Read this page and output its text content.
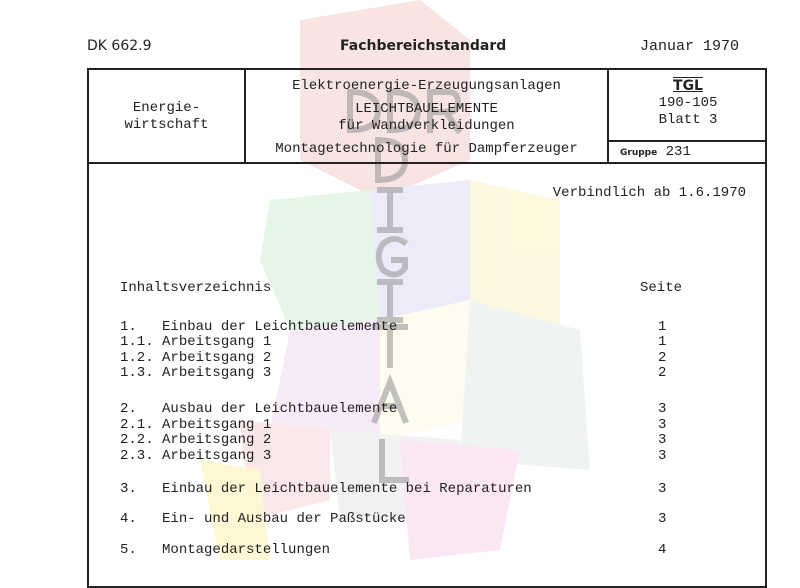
DK 662.9	Fachbereichstandard	Januar 1970
Energie-
wirtschaft
Elektroenergie-Erzeugungsanlagen
LEICHTBAUELEMENTE
für Wandverkleidungen
Montagetechnologie für Dampferzeuger
TGL
190-105
Blatt 3
Gruppe 231
Verbindlich ab 1.6.1970
Inhaltsverzeichnis	Seite
1.   Einbau der Leichtbauelemente	1
1.1. Arbeitsgang 1	1
1.2. Arbeitsgang 2	2
1.3. Arbeitsgang 3	2
2.   Ausbau der Leichtbauelemente	3
2.1. Arbeitsgang 1	3
2.2. Arbeitsgang 2	3
2.3. Arbeitsgang 3	3
3.   Einbau der Leichtbauelemente bei Reparaturen	3
4.   Ein- und Ausbau der Paßstücke	3
5.   Montagedarstellungen	4
